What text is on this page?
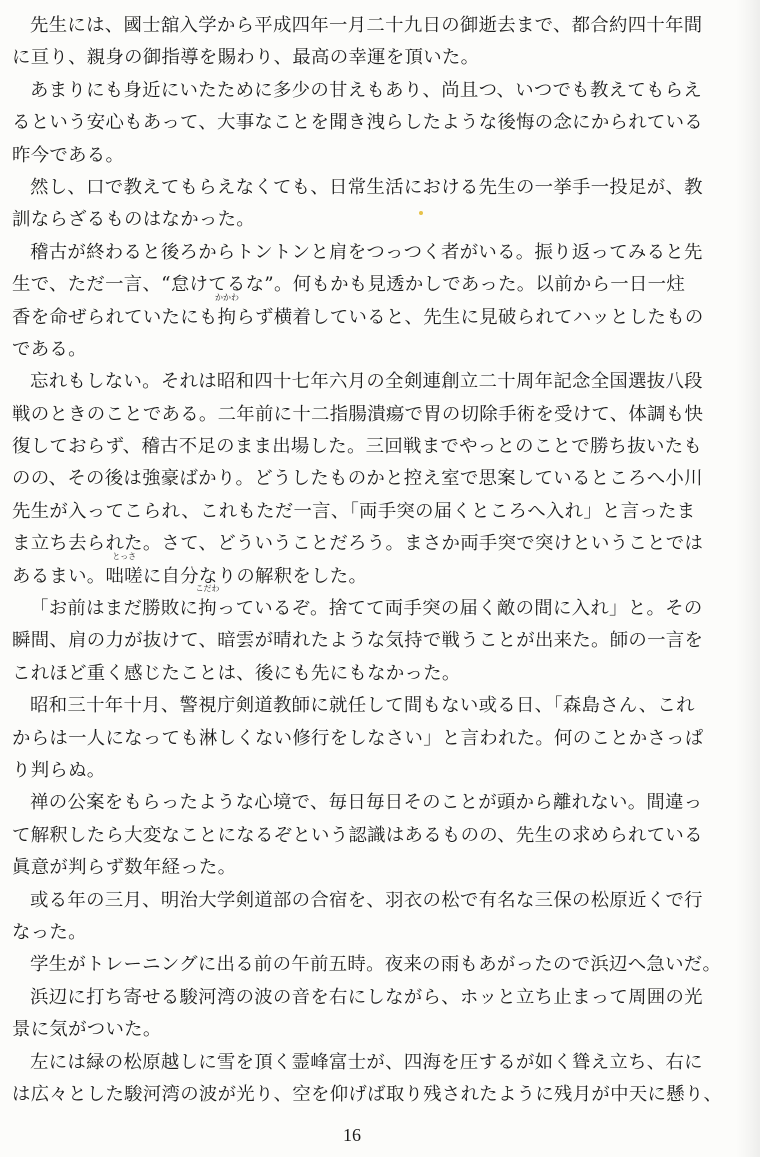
先生には、國士舘入学から平成四年一月二十九日の御逝去まで、都合約四十年間
に亘り、親身の御指導を賜わり、最高の幸運を頂いた。
あまりにも身近にいたために多少の甘えもあり、尚且つ、いつでも教えてもらえ
るという安心もあって、大事なことを聞き洩らしたような後悔の念にかられている
昨今である。
然し、口で教えてもらえなくても、日常生活における先生の一挙手一投足が、教
訓ならざるものはなかった。
稽古が終わると後ろからトントンと肩をつっつく者がいる。振り返ってみると先
生で、ただ一言、“怠けてるな”。何もかも見透かしであった。以前から一日一炷
香を命ぜられていたにも拘
かかわ
らず横着していると、先生に見破られてハッとしたもの
である。
忘れもしない。それは昭和四十七年六月の全剣連創立二十周年記念全国選抜八段
戦のときのことである。二年前に十二指腸潰瘍で胃の切除手術を受けて、体調も快
復しておらず、稽古不足のまま出場した。三回戦までやっとのことで勝ち抜いたも
のの、その後は強豪ばかり。どうしたものかと控え室で思案しているところへ小川
先生が入ってこられ、これもただ一言、「両手突の届くところへ入れ」と言ったま
ま立ち去られた。さて、どういうことだろう。まさか両手突で突けということでは
あるまい。咄嗟
とっさ
に自分なりの解釈をした。
「お前はまだ勝敗に拘
こだわ
っているぞ。捨てて両手突の届く敵の間に入れ」と。その
瞬間、肩の力が抜けて、暗雲が晴れたような気持で戦うことが出来た。師の一言を
これほど重く感じたことは、後にも先にもなかった。
昭和三十年十月、警視庁剣道教師に就任して間もない或る日、「森島さん、これ
からは一人になっても淋しくない修行をしなさい」と言われた。何のことかさっぱ
り判らぬ。
禅の公案をもらったような心境で、毎日毎日そのことが頭から離れない。間違っ
て解釈したら大変なことになるぞという認識はあるものの、先生の求められている
眞意が判らず数年経った。
或る年の三月、明治大学剣道部の合宿を、羽衣の松で有名な三保の松原近くで行
なった。
学生がトレーニングに出る前の午前五時。夜来の雨もあがったので浜辺へ急いだ。
浜辺に打ち寄せる駿河湾の波の音を右にしながら、ホッと立ち止まって周囲の光
景に気がついた。
左には緑の松原越しに雪を頂く霊峰富士が、四海を圧するが如く聳え立ち、右に
は広々とした駿河湾の波が光り、空を仰げば取り残されたように残月が中天に懸り、
16
